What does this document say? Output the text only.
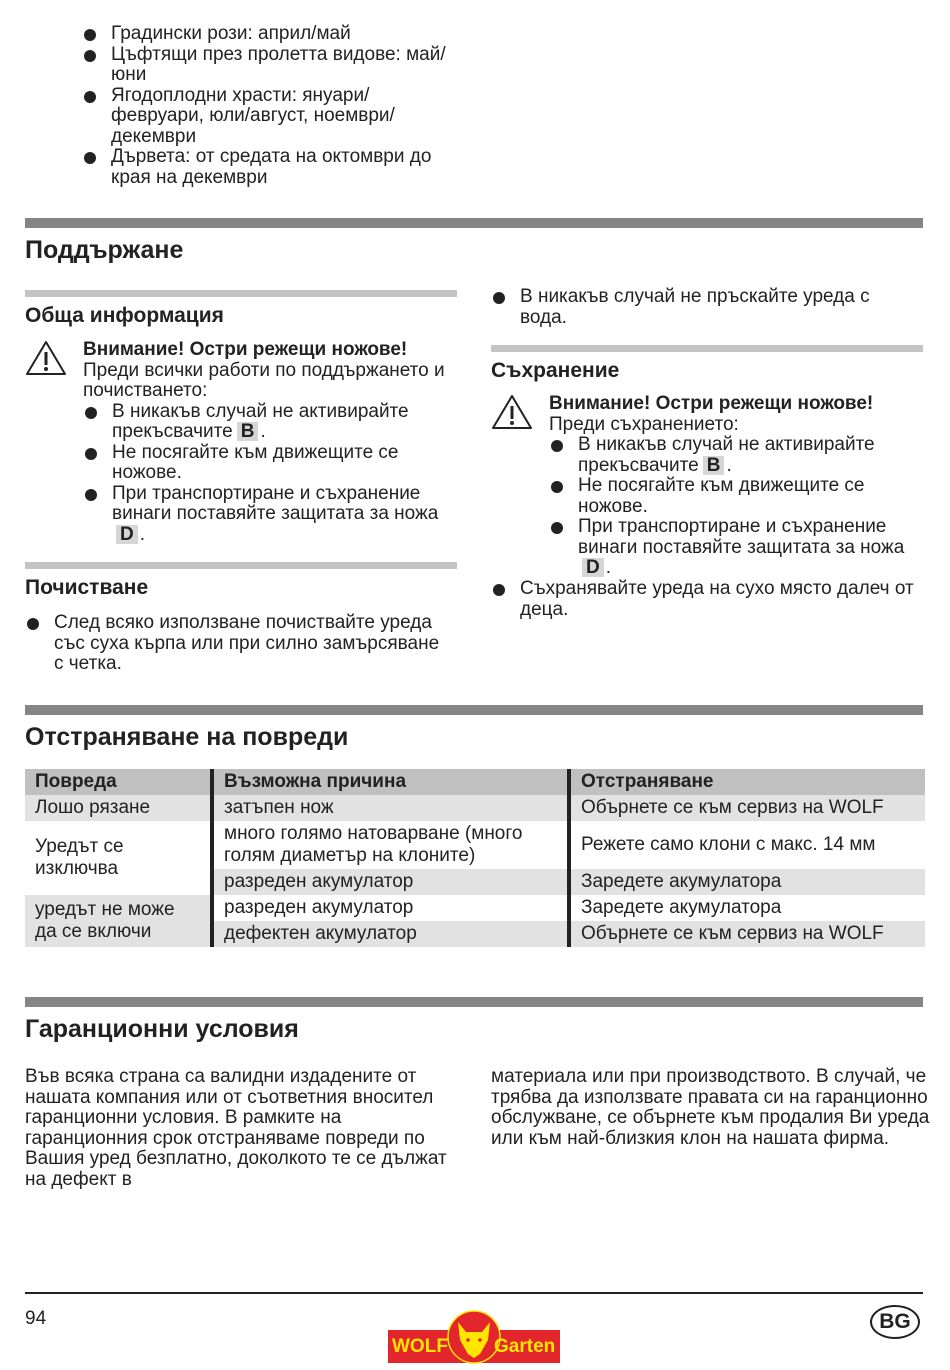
Градински рози: април/май
Цъфтящи през пролетта видове: май/юни
Ягодоплодни храсти: януари/февруари, юли/август, ноември/декември
Дървета: от средата на октомври до края на декември
Поддържане
Обща информация
Внимание! Остри режещи ножове!
Преди всички работи по поддържането и почистването:
В никакъв случай не активирайте прекъсвачите B .
Не посягайте към движещите се ножове.
При транспортиране и съхранение винаги поставяйте защитата за ножаD .
Почистване
След всяко използване почиствайте уреда със суха кърпа или при силно замърсяване с четка.
В никакъв случай не пръскайте уреда с вода.
Съхранение
Внимание! Остри режещи ножове!
Преди съхранението:
В никакъв случай не активирайте прекъсвачите B .
Не посягайте към движещите се ножове.
При транспортиране и съхранение винаги поставяйте защитата за ножаD .
Съхранявайте уреда на сухо място далеч от деца.
Отстраняване на повреди
Повреда	Възможна причина	Отстраняване
Лошо рязане	затъпен нож	Обърнете се към сервиз на WOLF
Уредът се изключва	много голямо натоварване (много голям диаметър на клоните)	Режете само клони с макс. 14 мм
	разреден акумулатор	Заредете акумулатора
уредът не може да се включи	разреден акумулатор	Заредете акумулатора
	дефектен акумулатор	Обърнете се към сервиз на WOLF
Гаранционни условия
Във всяка страна са валидни издадените от нашата компания или от съответния вносител гаранционни условия. В рамките на гаранционния срок отстраняваме повреди по Вашия уред безплатно, доколкото те се дължат на дефект в
материала или при производството. В случай, че трябва да използвате правата си на гаранционно обслужване, се обърнете към продалия Ви уреда или към най-близкия клон на нашата фирма.
94
WOLF Garten
BG
